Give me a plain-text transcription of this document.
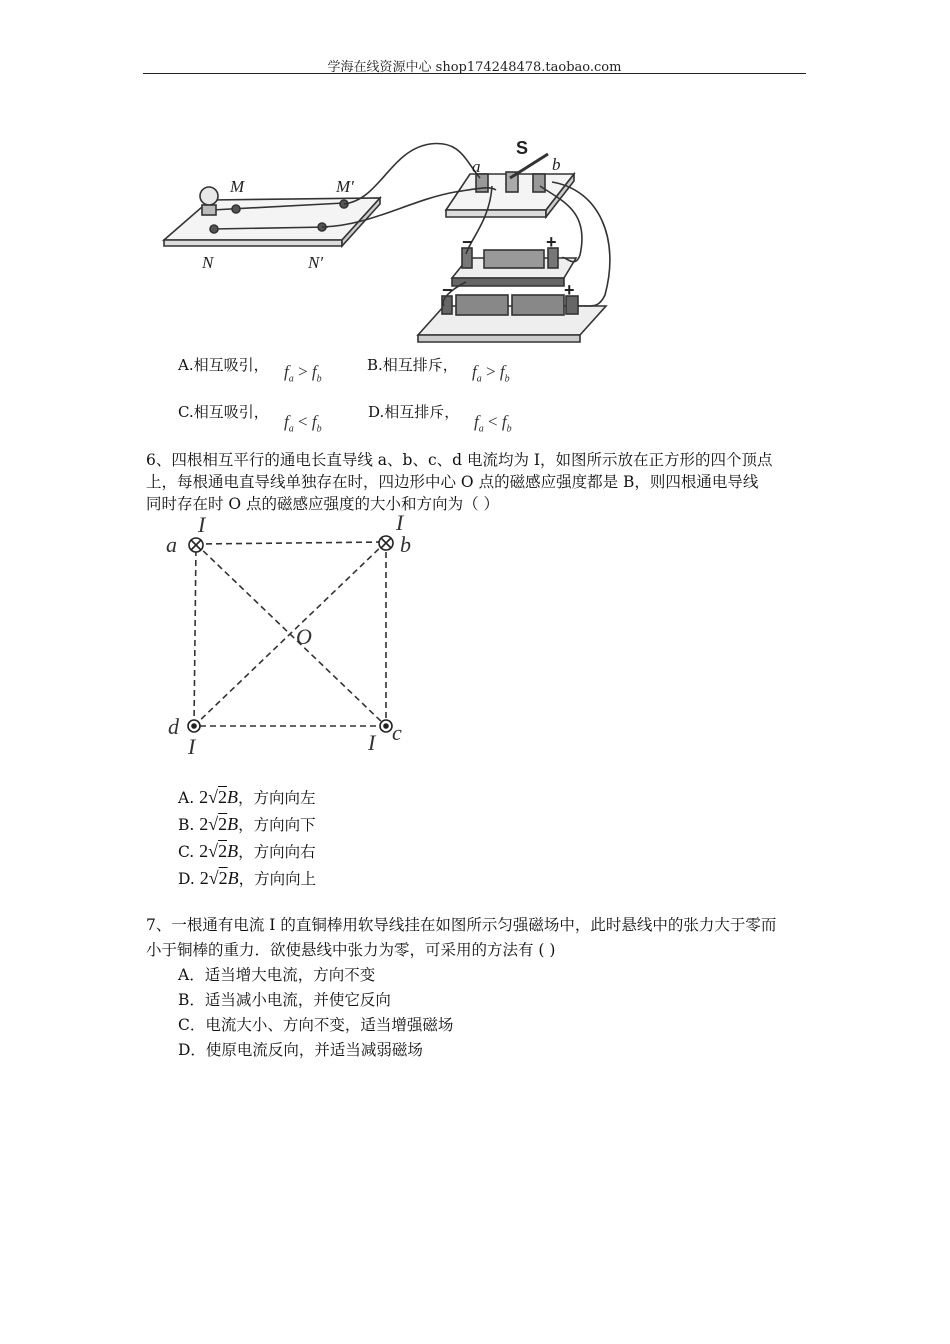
学海在线资源中心 shop174248478.taobao.com
M	M′
N	N′
a	b
S
−	+
−	+
A.相互吸引， $f_a > f_b$
B.相互排斥， $f_a > f_b$
C.相互吸引， $f_a < f_b$
D.相互排斥， $f_a < f_b$
6、四根相互平行的通电长直导线 a、b、c、d 电流均为 I，如图所示放在正方形的四个顶点
上，每根通电直导线单独存在时，四边形中心 O 点的磁感应强度都是 B，则四根通电导线
同时存在时 O 点的磁感应强度的大小和方向为（ ）
a	b
c
d
O
I	I
I
I
A. 2√2B，方向向左
B. 2√2B，方向向下
C. 2√2B，方向向右
D. 2√2B，方向向上
7、一根通有电流 I 的直铜棒用软导线挂在如图所示匀强磁场中，此时悬线中的张力大于零而
小于铜棒的重力．欲使悬线中张力为零，可采用的方法有 ( )
A．适当增大电流，方向不变
B．适当减小电流，并使它反向
C．电流大小、方向不变，适当增强磁场
D．使原电流反向，并适当减弱磁场
